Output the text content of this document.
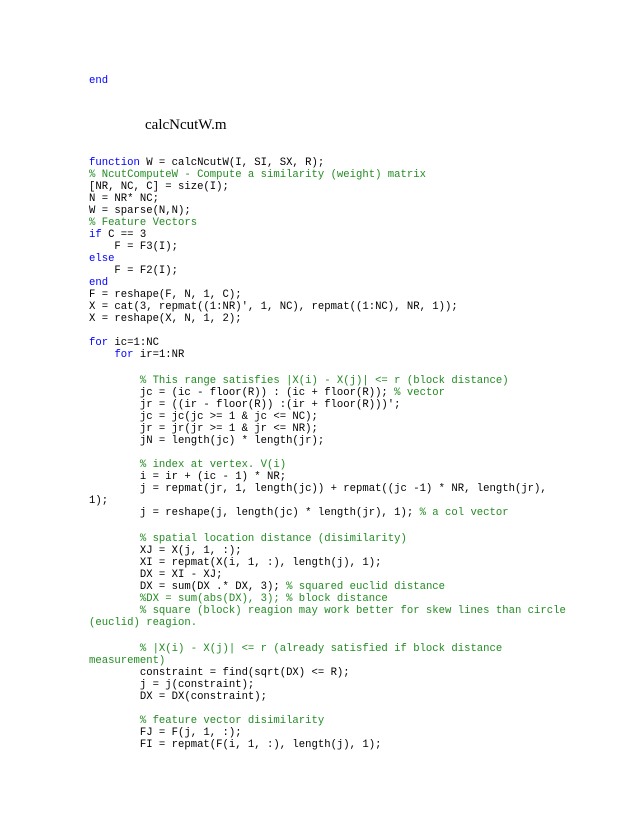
calcNcutW.m
end
function W = calcNcutW(I, SI, SX, R);
% NcutComputeW - Compute a similarity (weight) matrix
[NR, NC, C] = size(I);
N = NR* NC;
W = sparse(N,N);
% Feature Vectors
if C == 3
F = F3(I);
else
F = F2(I);
end
F = reshape(F, N, 1, C);
X = cat(3, repmat((1:NR)', 1, NC), repmat((1:NC), NR, 1));
X = reshape(X, N, 1, 2);
for ic=1:NC
for ir=1:NR
% This range satisfies |X(i) - X(j)| <= r (block distance)
jc = (ic - floor(R)) : (ic + floor(R)); % vector
jr = ((ir - floor(R)) :(ir + floor(R)))';
jc = jc(jc >= 1 & jc <= NC);
jr = jr(jr >= 1 & jr <= NR);
jN = length(jc) * length(jr);
% index at vertex. V(i)
i = ir + (ic - 1) * NR;
j = repmat(jr, 1, length(jc)) + repmat((jc -1) * NR, length(jr),
1);
j = reshape(j, length(jc) * length(jr), 1); % a col vector
% spatial location distance (disimilarity)
XJ = X(j, 1, :);
XI = repmat(X(i, 1, :), length(j), 1);
DX = XI - XJ;
DX = sum(DX .* DX, 3); % squared euclid distance
%DX = sum(abs(DX), 3); % block distance
% square (block) reagion may work better for skew lines than circle
(euclid) reagion.
% |X(i) - X(j)| <= r (already satisfied if block distance
measurement)
constraint = find(sqrt(DX) <= R);
j = j(constraint);
DX = DX(constraint);
% feature vector disimilarity
FJ = F(j, 1, :);
FI = repmat(F(i, 1, :), length(j), 1);
